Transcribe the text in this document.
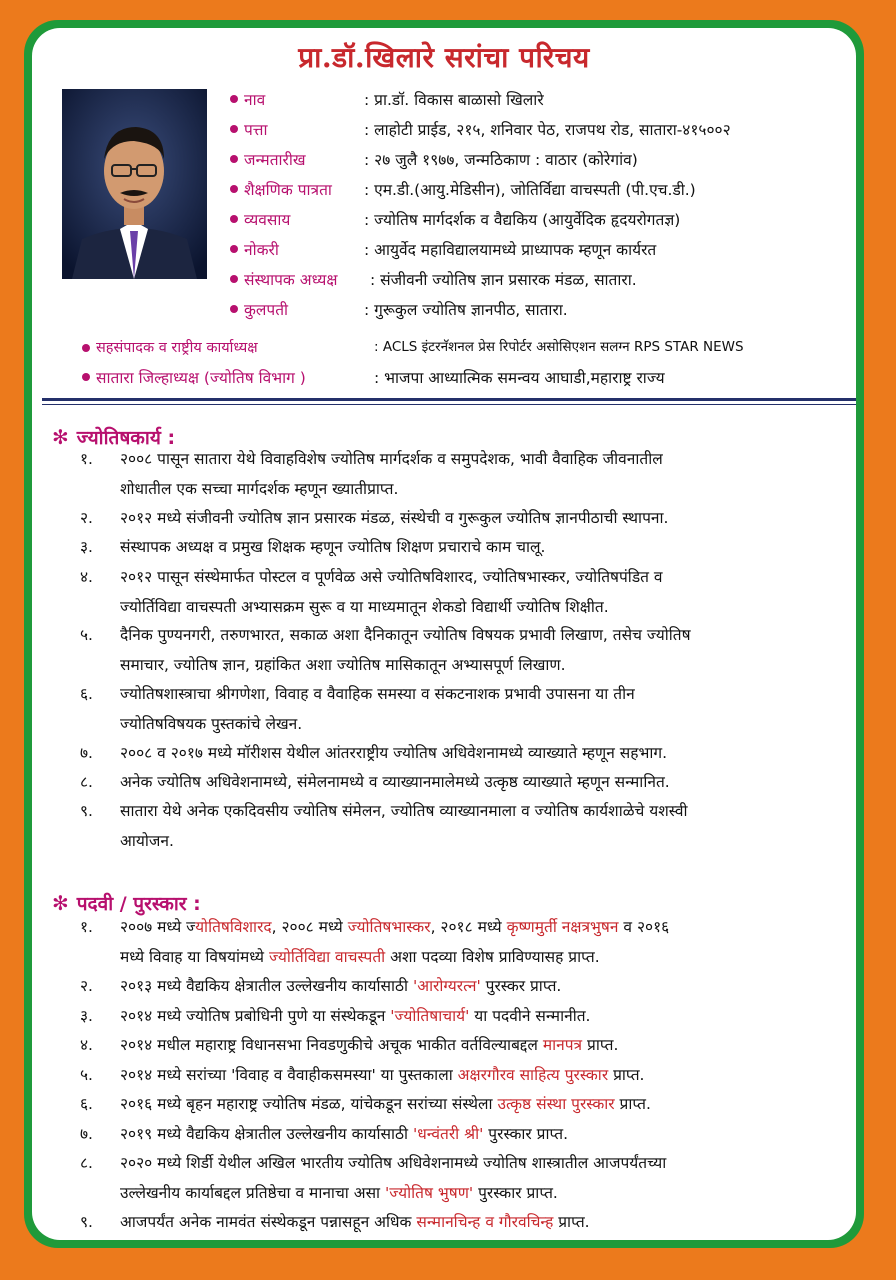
प्रा.डॉ.खिलारे सरांचा परिचय
नाव	: प्रा.डॉ. विकास बाळासो खिलारे
पत्ता	: लाहोटी प्राईड, २१५, शनिवार पेठ, राजपथ रोड, सातारा-४१५००२
जन्मतारीख	: २७ जुलै १९७७, जन्मठिकाण : वाठार (कोरेगांव)
शैक्षणिक पात्रता : एम.डी.(आयु.मेडिसीन), जोतिर्विद्या वाचस्पती (पी.एच.डी.)
व्यवसाय	: ज्योतिष मार्गदर्शक व वैद्यकिय (आयुर्वेदिक हृदयरोगतज्ञ)
नोकरी	: आयुर्वेद महाविद्यालयामध्ये प्राध्यापक म्हणून कार्यरत
संस्थापक अध्यक्ष : संजीवनी ज्योतिष ज्ञान प्रसारक मंडळ, सातारा.
कुलपती	: गुरूकुल ज्योतिष ज्ञानपीठ, सातारा.
सहसंपादक व राष्ट्रीय कार्याध्यक्ष	: ACLS इंटरनॅशनल प्रेस रिपोर्टर असोसिएशन सलग्न RPS STAR NEWS
सातारा जिल्हाध्यक्ष (ज्योतिष विभाग )	: भाजपा आध्यात्मिक समन्वय आघाडी,महाराष्ट्र राज्य
✻ ज्योतिषकार्य :
१.	२००८ पासून सातारा येथे विवाहविशेष ज्योतिष मार्गदर्शक व समुपदेशक, भावी वैवाहिक जीवनातील
शोधातील एक सच्चा मार्गदर्शक म्हणून ख्यातीप्राप्त.
२.	२०१२ मध्ये संजीवनी ज्योतिष ज्ञान प्रसारक मंडळ, संस्थेची व गुरूकुल ज्योतिष ज्ञानपीठाची स्थापना.
३.	संस्थापक अध्यक्ष व प्रमुख शिक्षक म्हणून ज्योतिष शिक्षण प्रचाराचे काम चालू.
४.	२०१२ पासून संस्थेमार्फत पोस्टल व पूर्णवेळ असे ज्योतिषविशारद, ज्योतिषभास्कर, ज्योतिषपंडित व
ज्योर्तिविद्या वाचस्पती अभ्यासक्रम सुरू व या माध्यमातून शेकडो विद्यार्थी ज्योतिष शिक्षीत.
५.	दैनिक पुण्यनगरी, तरुणभारत, सकाळ अशा दैनिकातून ज्योतिष विषयक प्रभावी लिखाण, तसेच ज्योतिष
समाचार, ज्योतिष ज्ञान, ग्रहांकित अशा ज्योतिष मासिकातून अभ्यासपूर्ण लिखाण.
६.	ज्योतिषशास्त्राचा श्रीगणेशा, विवाह व वैवाहिक समस्या व संकटनाशक प्रभावी उपासना या तीन
ज्योतिषविषयक पुस्तकांचे लेखन.
७.	२००८ व २०१७ मध्ये मॉरीशस येथील आंतरराष्ट्रीय ज्योतिष अधिवेशनामध्ये व्याख्याते म्हणून सहभाग.
८.	अनेक ज्योतिष अधिवेशनामध्ये, संमेलनामध्ये व व्याख्यानमालेमध्ये उत्कृष्ठ व्याख्याते म्हणून सन्मानित.
९.	सातारा येथे अनेक एकदिवसीय ज्योतिष संमेलन, ज्योतिष व्याख्यानमाला व ज्योतिष कार्यशाळेचे यशस्वी
आयोजन.
✻ पदवी / पुरस्कार :
१.	२००७ मध्ये ज्योतिषविशारद, २००८ मध्ये ज्योतिषभास्कर, २०१८ मध्ये कृष्णमुर्ती नक्षत्रभुषन व २०१६
मध्ये विवाह या विषयांमध्ये ज्योर्तिविद्या वाचस्पती अशा पदव्या विशेष प्राविण्यासह प्राप्त.
२.	२०१३ मध्ये वैद्यकिय क्षेत्रातील उल्लेखनीय कार्यासाठी 'आरोग्यरत्न' पुरस्कर प्राप्त.
३.	२०१४ मध्ये ज्योतिष प्रबोधिनी पुणे या संस्थेकडून 'ज्योतिषाचार्य' या पदवीने सन्मानीत.
४.	२०१४ मधील महाराष्ट्र विधानसभा निवडणुकीचे अचूक भाकीत वर्तविल्याबद्दल मानपत्र प्राप्त.
५.	२०१४ मध्ये सरांच्या 'विवाह व वैवाहीकसमस्या' या पुस्तकाला अक्षरगौरव साहित्य पुरस्कार प्राप्त.
६.	२०१६ मध्ये बृहन महाराष्ट्र ज्योतिष मंडळ, यांचेकडून सरांच्या संस्थेला उत्कृष्ठ संस्था पुरस्कार प्राप्त.
७.	२०१९ मध्ये वैद्यकिय क्षेत्रातील उल्लेखनीय कार्यासाठी 'धन्वंतरी श्री' पुरस्कार प्राप्त.
८.	२०२० मध्ये शिर्डी येथील अखिल भारतीय ज्योतिष अधिवेशनामध्ये ज्योतिष शास्त्रातील आजपर्यंतच्या
उल्लेखनीय कार्याबद्दल प्रतिष्ठेचा व मानाचा असा 'ज्योतिष भुषण' पुरस्कार प्राप्त.
९.	आजपर्यंत अनेक नामवंत संस्थेकडून पन्नासहून अधिक सन्मानचिन्ह व गौरवचिन्ह प्राप्त.
